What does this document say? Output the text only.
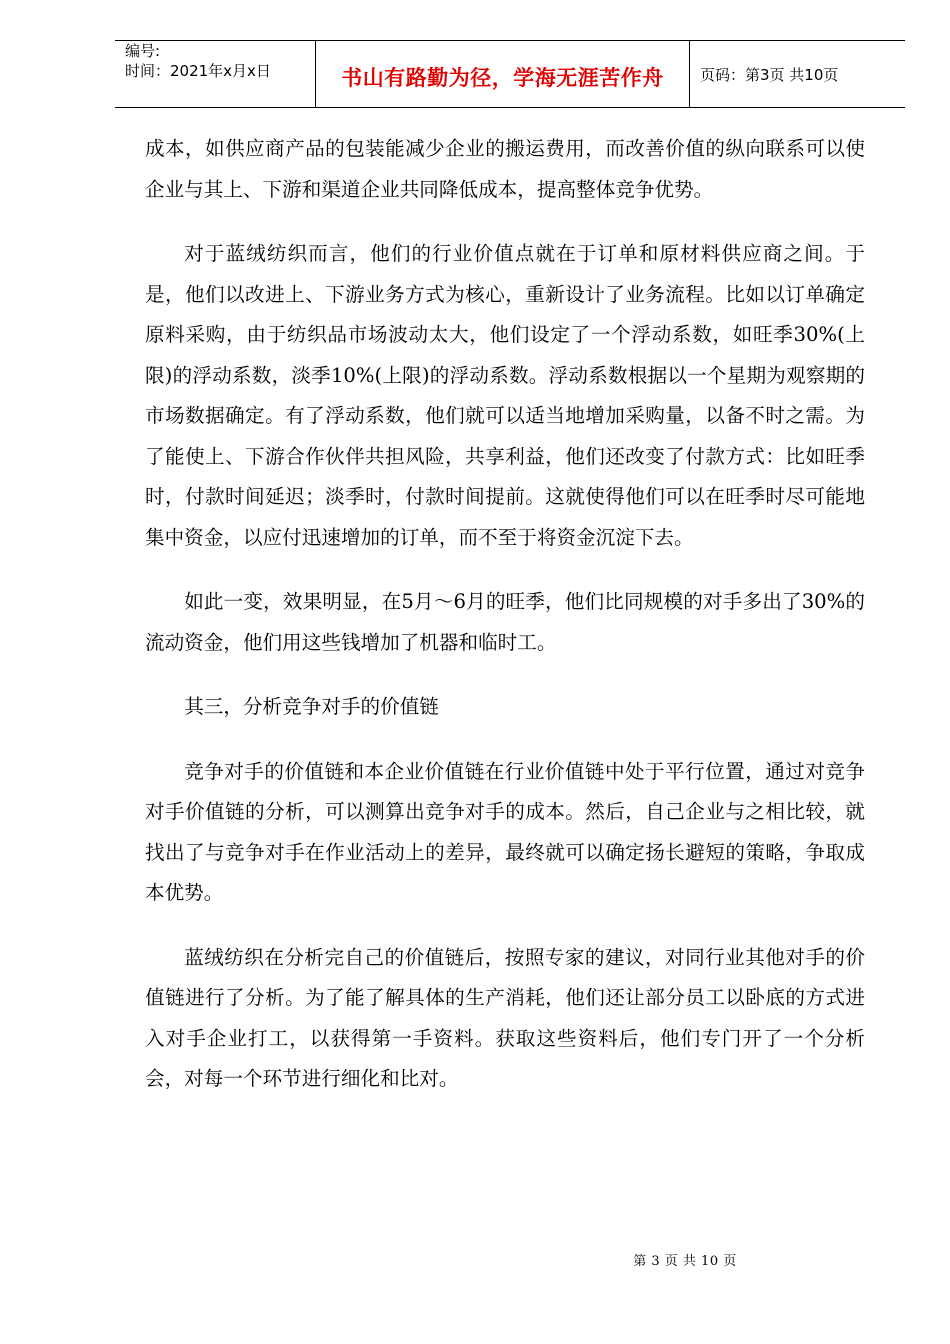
编号:
时间：2021年x月x日	书山有路勤为径，学海无涯苦作舟 页码：第3页 共10页

成本，如供应商产品的包装能减少企业的搬运费用，而改善价值的纵向联系可以使企业与其上、下游和渠道企业共同降低成本，提高整体竞争优势。

对于蓝绒纺织而言，他们的行业价值点就在于订单和原材料供应商之间。于是，他们以改进上、下游业务方式为核心，重新设计了业务流程。比如以订单确定原料采购，由于纺织品市场波动太大，他们设定了一个浮动系数，如旺季30%(上限)的浮动系数，淡季10%(上限)的浮动系数。浮动系数根据以一个星期为观察期的市场数据确定。有了浮动系数，他们就可以适当地增加采购量，以备不时之需。为了能使上、下游合作伙伴共担风险，共享利益，他们还改变了付款方式：比如旺季时，付款时间延迟；淡季时，付款时间提前。这就使得他们可以在旺季时尽可能地集中资金，以应付迅速增加的订单，而不至于将资金沉淀下去。

如此一变，效果明显，在5月～6月的旺季，他们比同规模的对手多出了30%的流动资金，他们用这些钱增加了机器和临时工。

其三，分析竞争对手的价值链

竞争对手的价值链和本企业价值链在行业价值链中处于平行位置，通过对竞争对手价值链的分析，可以测算出竞争对手的成本。然后，自己企业与之相比较，就找出了与竞争对手在作业活动上的差异，最终就可以确定扬长避短的策略，争取成本优势。

蓝绒纺织在分析完自己的价值链后，按照专家的建议，对同行业其他对手的价值链进行了分析。为了能了解具体的生产消耗，他们还让部分员工以卧底的方式进入对手企业打工，以获得第一手资料。获取这些资料后，他们专门开了一个分析会，对每一个环节进行细化和比对。

第 3 页 共 10 页
